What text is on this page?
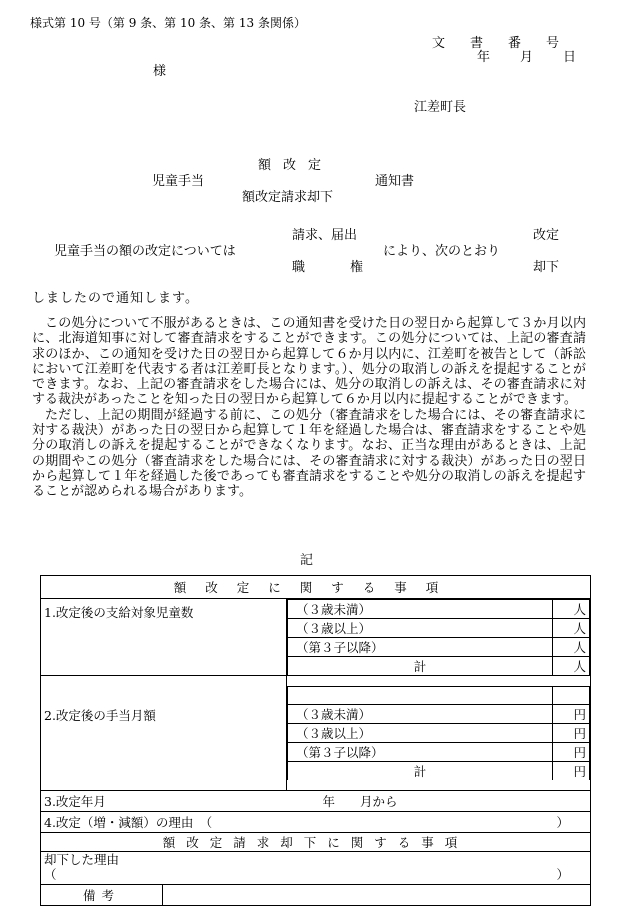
様式第 10 号（第 9 条、第 10 条、第 13 条関係）
文書番号
年月日
様
江差町長
額改定
児童手当	通知書
額改定請求却下
請求、届出	改定
児童手当の額の改定については	により、次のとおり
職	権	却下
しましたので通知します。

この処分について不服があるときは、この通知書を受けた日の翌日から起算して３か月以内に、北海道知事に対して審査請求をすることができます。この処分については、上記の審査請求のほか、この通知を受けた日の翌日から起算して６か月以内に、江差町を被告として（訴訟において江差町を代表する者は江差町長となります。）、処分の取消しの訴えを提起することができます。なお、上記の審査請求をした場合には、処分の取消しの訴えは、その審査請求に対する裁決があったことを知った日の翌日から起算して６か月以内に提起することができます。

ただし、上記の期間が経過する前に、この処分（審査請求をした場合には、その審査請求に対する裁決）があった日の翌日から起算して１年を経過した場合は、審査請求をすることや処分の取消しの訴えを提起することができなくなります。なお、正当な理由があるときは、上記の期間やこの処分（審査請求をした場合には、その審査請求に対する裁決）があった日の翌日から起算して１年を経過した後であっても審査請求をすることや処分の取消しの訴えを提起することが認められる場合があります。

記
額改定に関する事項
1.改定後の支給対象児童数		（３歳未満）	人
（３歳以上）	人
（第３子以降）	人
計	人

2.改定後の手当月額	
		（３歳未満）	円
（３歳以上）	円
（第３子以降）	円
計	円

3.改定年月	年　　月から

4.改定（増・減額）の理由　（	）

額改定請求却下に関する事項

却下した理由
（	）

備考	
